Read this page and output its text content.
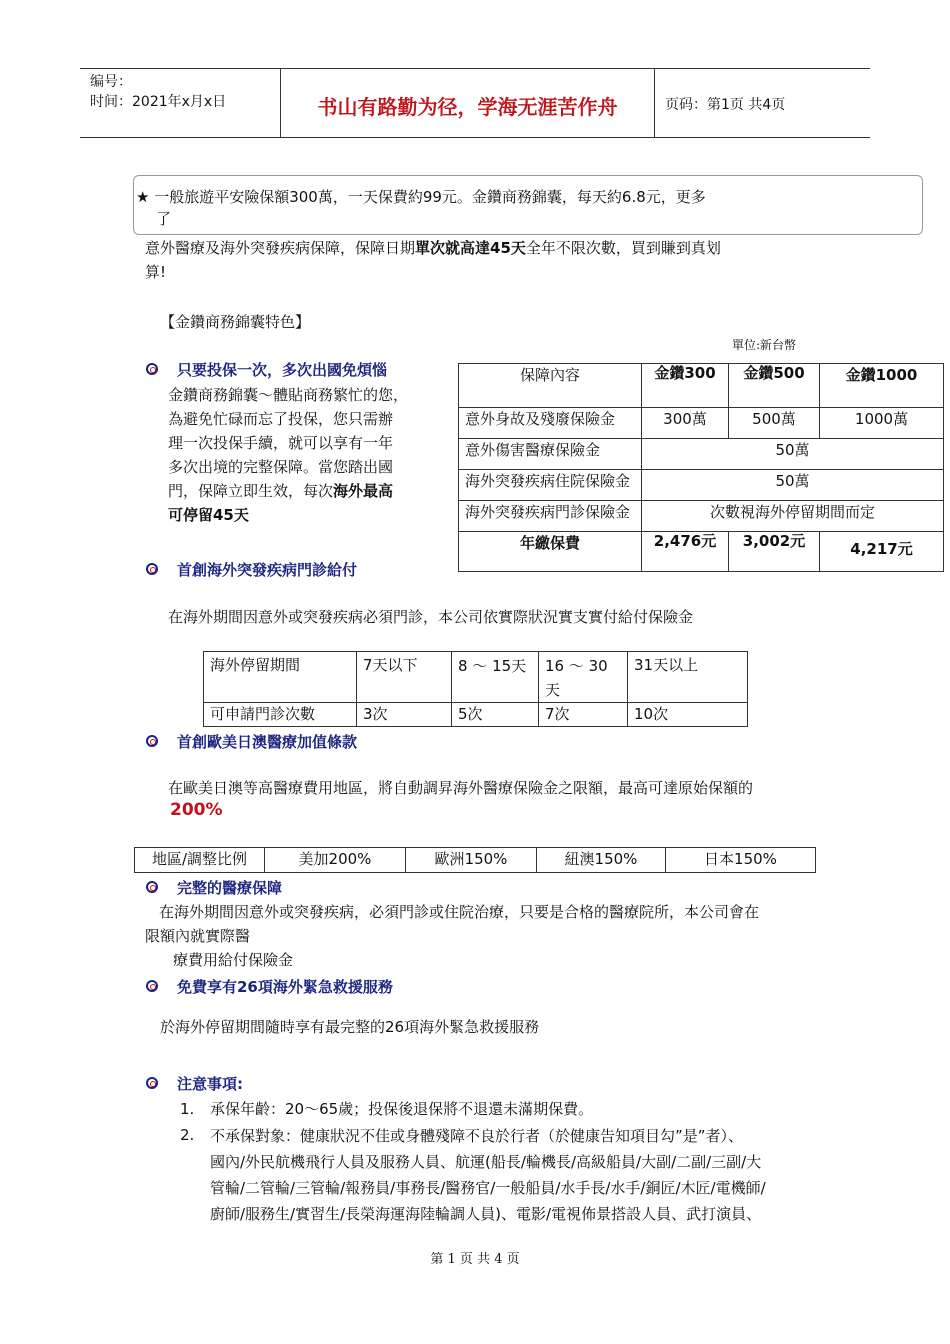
编号：
时间：2021年x月x日	书山有路勤为径，学海无涯苦作舟	页码：第1页 共4页
★ 一般旅遊平安險保額300萬，一天保費約99元。金鑽商務錦囊，每天約6.8元，更多
了
意外醫療及海外突發疾病保障，保障日期單次就高達45天全年不限次數，買到賺到真划
算!
【金鑽商務錦囊特色】
單位:新台幣
只要投保一次，多次出國免煩惱
金鑽商務錦囊～體貼商務繁忙的您，
為避免忙碌而忘了投保，您只需辦
理一次投保手續，就可以享有一年
多次出境的完整保障。當您踏出國
門，保障立即生效，每次海外最高
可停留45天
保障內容	金鑽300	金鑽500	金鑽1000
意外身故及殘廢保險金	300萬	500萬	1000萬
意外傷害醫療保險金	50萬		
海外突發疾病住院保險金	50萬		
海外突發疾病門診保險金	次數視海外停留期間而定		
年繳保費	2,476元	3,002元	4,217元
首創海外突發疾病門診給付
在海外期間因意外或突發疾病必須門診，本公司依實際狀況實支實付給付保險金
海外停留期間	7天以下	8 ～ 15天	16 ～ 30天	31天以上
可申請門診次數	3次	5次	7次	10次
首創歐美日澳醫療加值條款
在歐美日澳等高醫療費用地區，將自動調昇海外醫療保險金之限額，最高可達原始保額的
200%
地區/調整比例	美加200%	歐洲150%	紐澳150%	日本150%
完整的醫療保障
在海外期間因意外或突發疾病，必須門診或住院治療，只要是合格的醫療院所，本公司會在
限額內就實際醫
療費用給付保險金
免費享有26項海外緊急救援服務
於海外停留期間隨時享有最完整的26項海外緊急救援服務
注意事項:
1. 承保年齡：20～65歲；投保後退保將不退還未滿期保費。
2. 不承保對象：健康狀況不佳或身體殘障不良於行者（於健康告知項目勾”是”者）、
國內/外民航機飛行人員及服務人員、航運(船長/輪機長/高級船員/大副/二副/三副/大
管輪/二管輪/三管輪/報務員/事務長/醫務官/一般船員/水手長/水手/銅匠/木匠/電機師/
廚師/服務生/實習生/長榮海運海陸輪調人員)、電影/電視佈景搭設人員、武打演員、
第 1 页 共 4 页
